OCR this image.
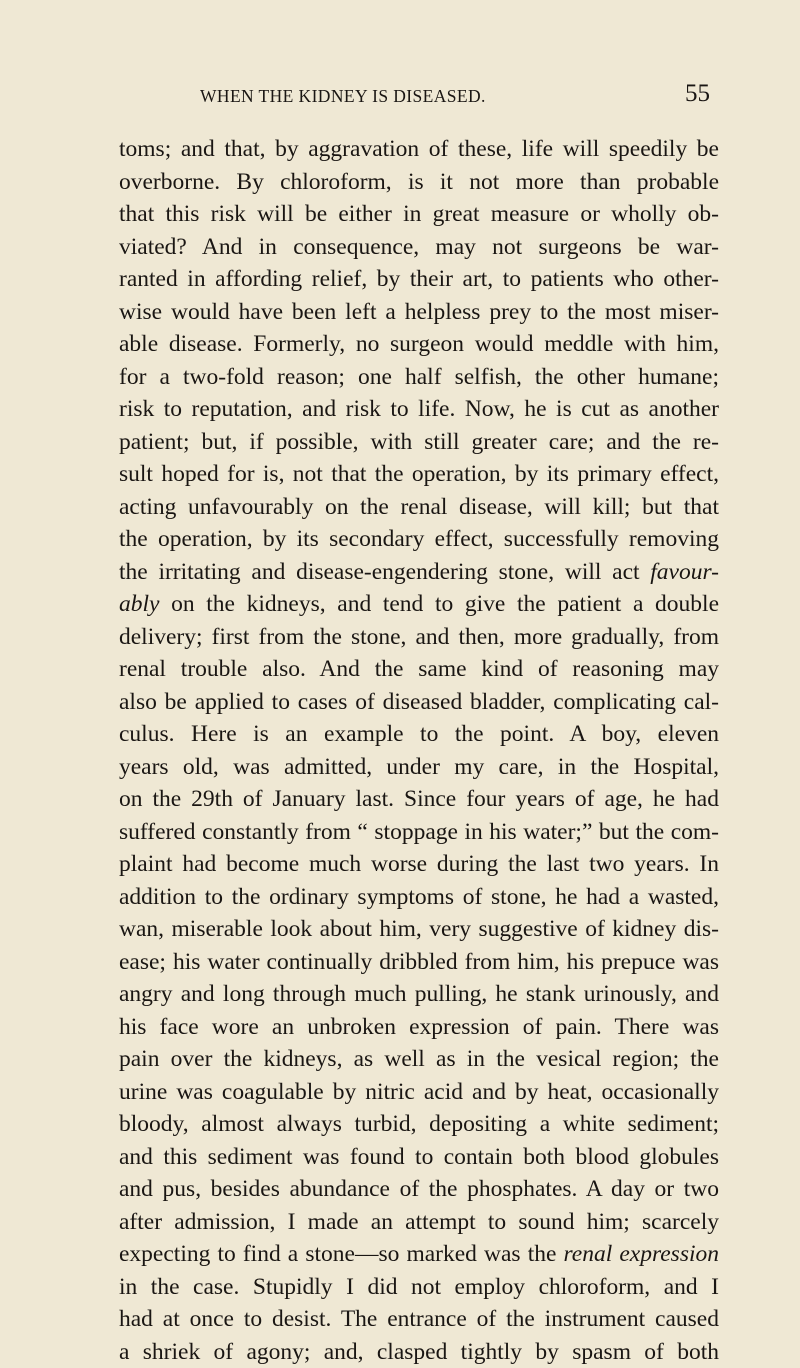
WHEN THE KIDNEY IS DISEASED.	55
toms; and that, by aggravation of these, life will speedily be
overborne. By chloroform, is it not more than probable
that this risk will be either in great measure or wholly ob-
viated? And in consequence, may not surgeons be war-
ranted in affording relief, by their art, to patients who other-
wise would have been left a helpless prey to the most miser-
able disease. Formerly, no surgeon would meddle with him,
for a two-fold reason; one half selfish, the other humane;
risk to reputation, and risk to life. Now, he is cut as another
patient; but, if possible, with still greater care; and the re-
sult hoped for is, not that the operation, by its primary effect,
acting unfavourably on the renal disease, will kill; but that
the operation, by its secondary effect, successfully removing
the irritating and disease-engendering stone, will act favour-
ably on the kidneys, and tend to give the patient a double
delivery; first from the stone, and then, more gradually, from
renal trouble also. And the same kind of reasoning may
also be applied to cases of diseased bladder, complicating cal-
culus. Here is an example to the point. A boy, eleven
years old, was admitted, under my care, in the Hospital,
on the 29th of January last. Since four years of age, he had
suffered constantly from “ stoppage in his water;” but the com-
plaint had become much worse during the last two years. In
addition to the ordinary symptoms of stone, he had a wasted,
wan, miserable look about him, very suggestive of kidney dis-
ease; his water continually dribbled from him, his prepuce was
angry and long through much pulling, he stank urinously, and
his face wore an unbroken expression of pain. There was
pain over the kidneys, as well as in the vesical region; the
urine was coagulable by nitric acid and by heat, occasionally
bloody, almost always turbid, depositing a white sediment;
and this sediment was found to contain both blood globules
and pus, besides abundance of the phosphates. A day or two
after admission, I made an attempt to sound him; scarcely
expecting to find a stone—so marked was the renal expression
in the case. Stupidly I did not employ chloroform, and I
had at once to desist. The entrance of the instrument caused
a shriek of agony; and, clasped tightly by spasm of both
